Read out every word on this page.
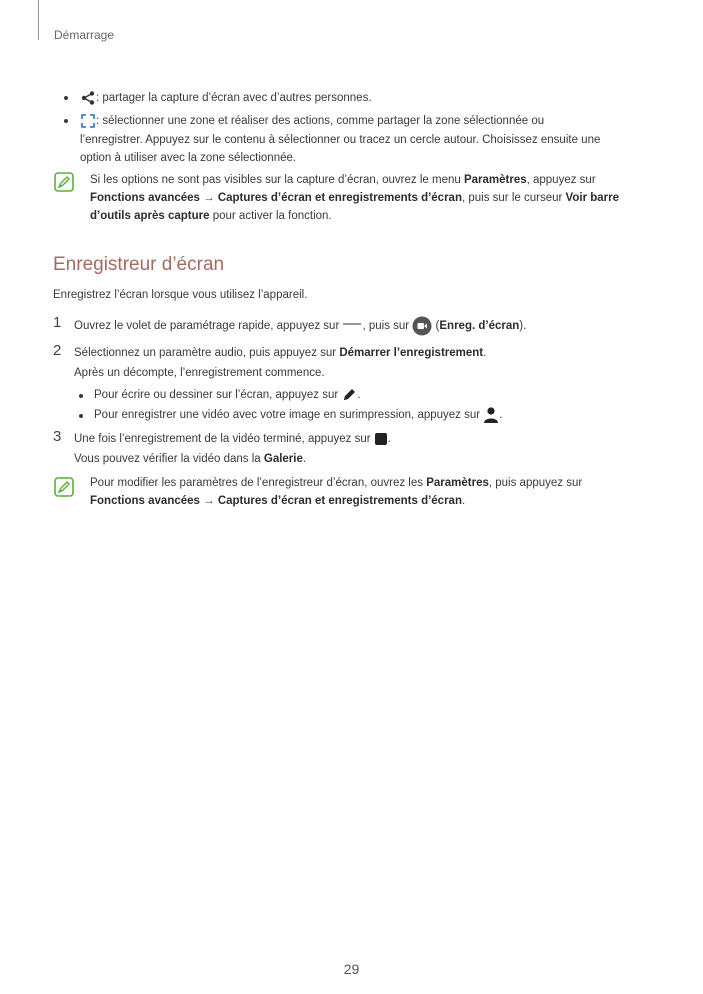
Démarrage
: partager la capture d’écran avec d’autres personnes.
: sélectionner une zone et réaliser des actions, comme partager la zone sélectionnée ou
l’enregistrer. Appuyez sur le contenu à sélectionner ou tracez un cercle autour. Choisissez ensuite une
option à utiliser avec la zone sélectionnée.
Si les options ne sont pas visibles sur la capture d’écran, ouvrez le menu Paramètres, appuyez sur
Fonctions avancées → Captures d’écran et enregistrements d’écran, puis sur le curseur Voir barre
d’outils après capture pour activer la fonction.
Enregistreur d’écran
Enregistrez l’écran lorsque vous utilisez l’appareil.
1 Ouvrez le volet de paramétrage rapide, appuyez sur , puis sur  (Enreg. d’écran).
2 Sélectionnez un paramètre audio, puis appuyez sur Démarrer l’enregistrement.
Après un décompte, l’enregistrement commence.
Pour écrire ou dessiner sur l’écran, appuyez sur .
Pour enregistrer une vidéo avec votre image en surimpression, appuyez sur .
3 Une fois l’enregistrement de la vidéo terminé, appuyez sur .
Vous pouvez vérifier la vidéo dans la Galerie.
Pour modifier les paramètres de l’enregistreur d’écran, ouvrez les Paramètres, puis appuyez sur
Fonctions avancées → Captures d’écran et enregistrements d’écran.
29
